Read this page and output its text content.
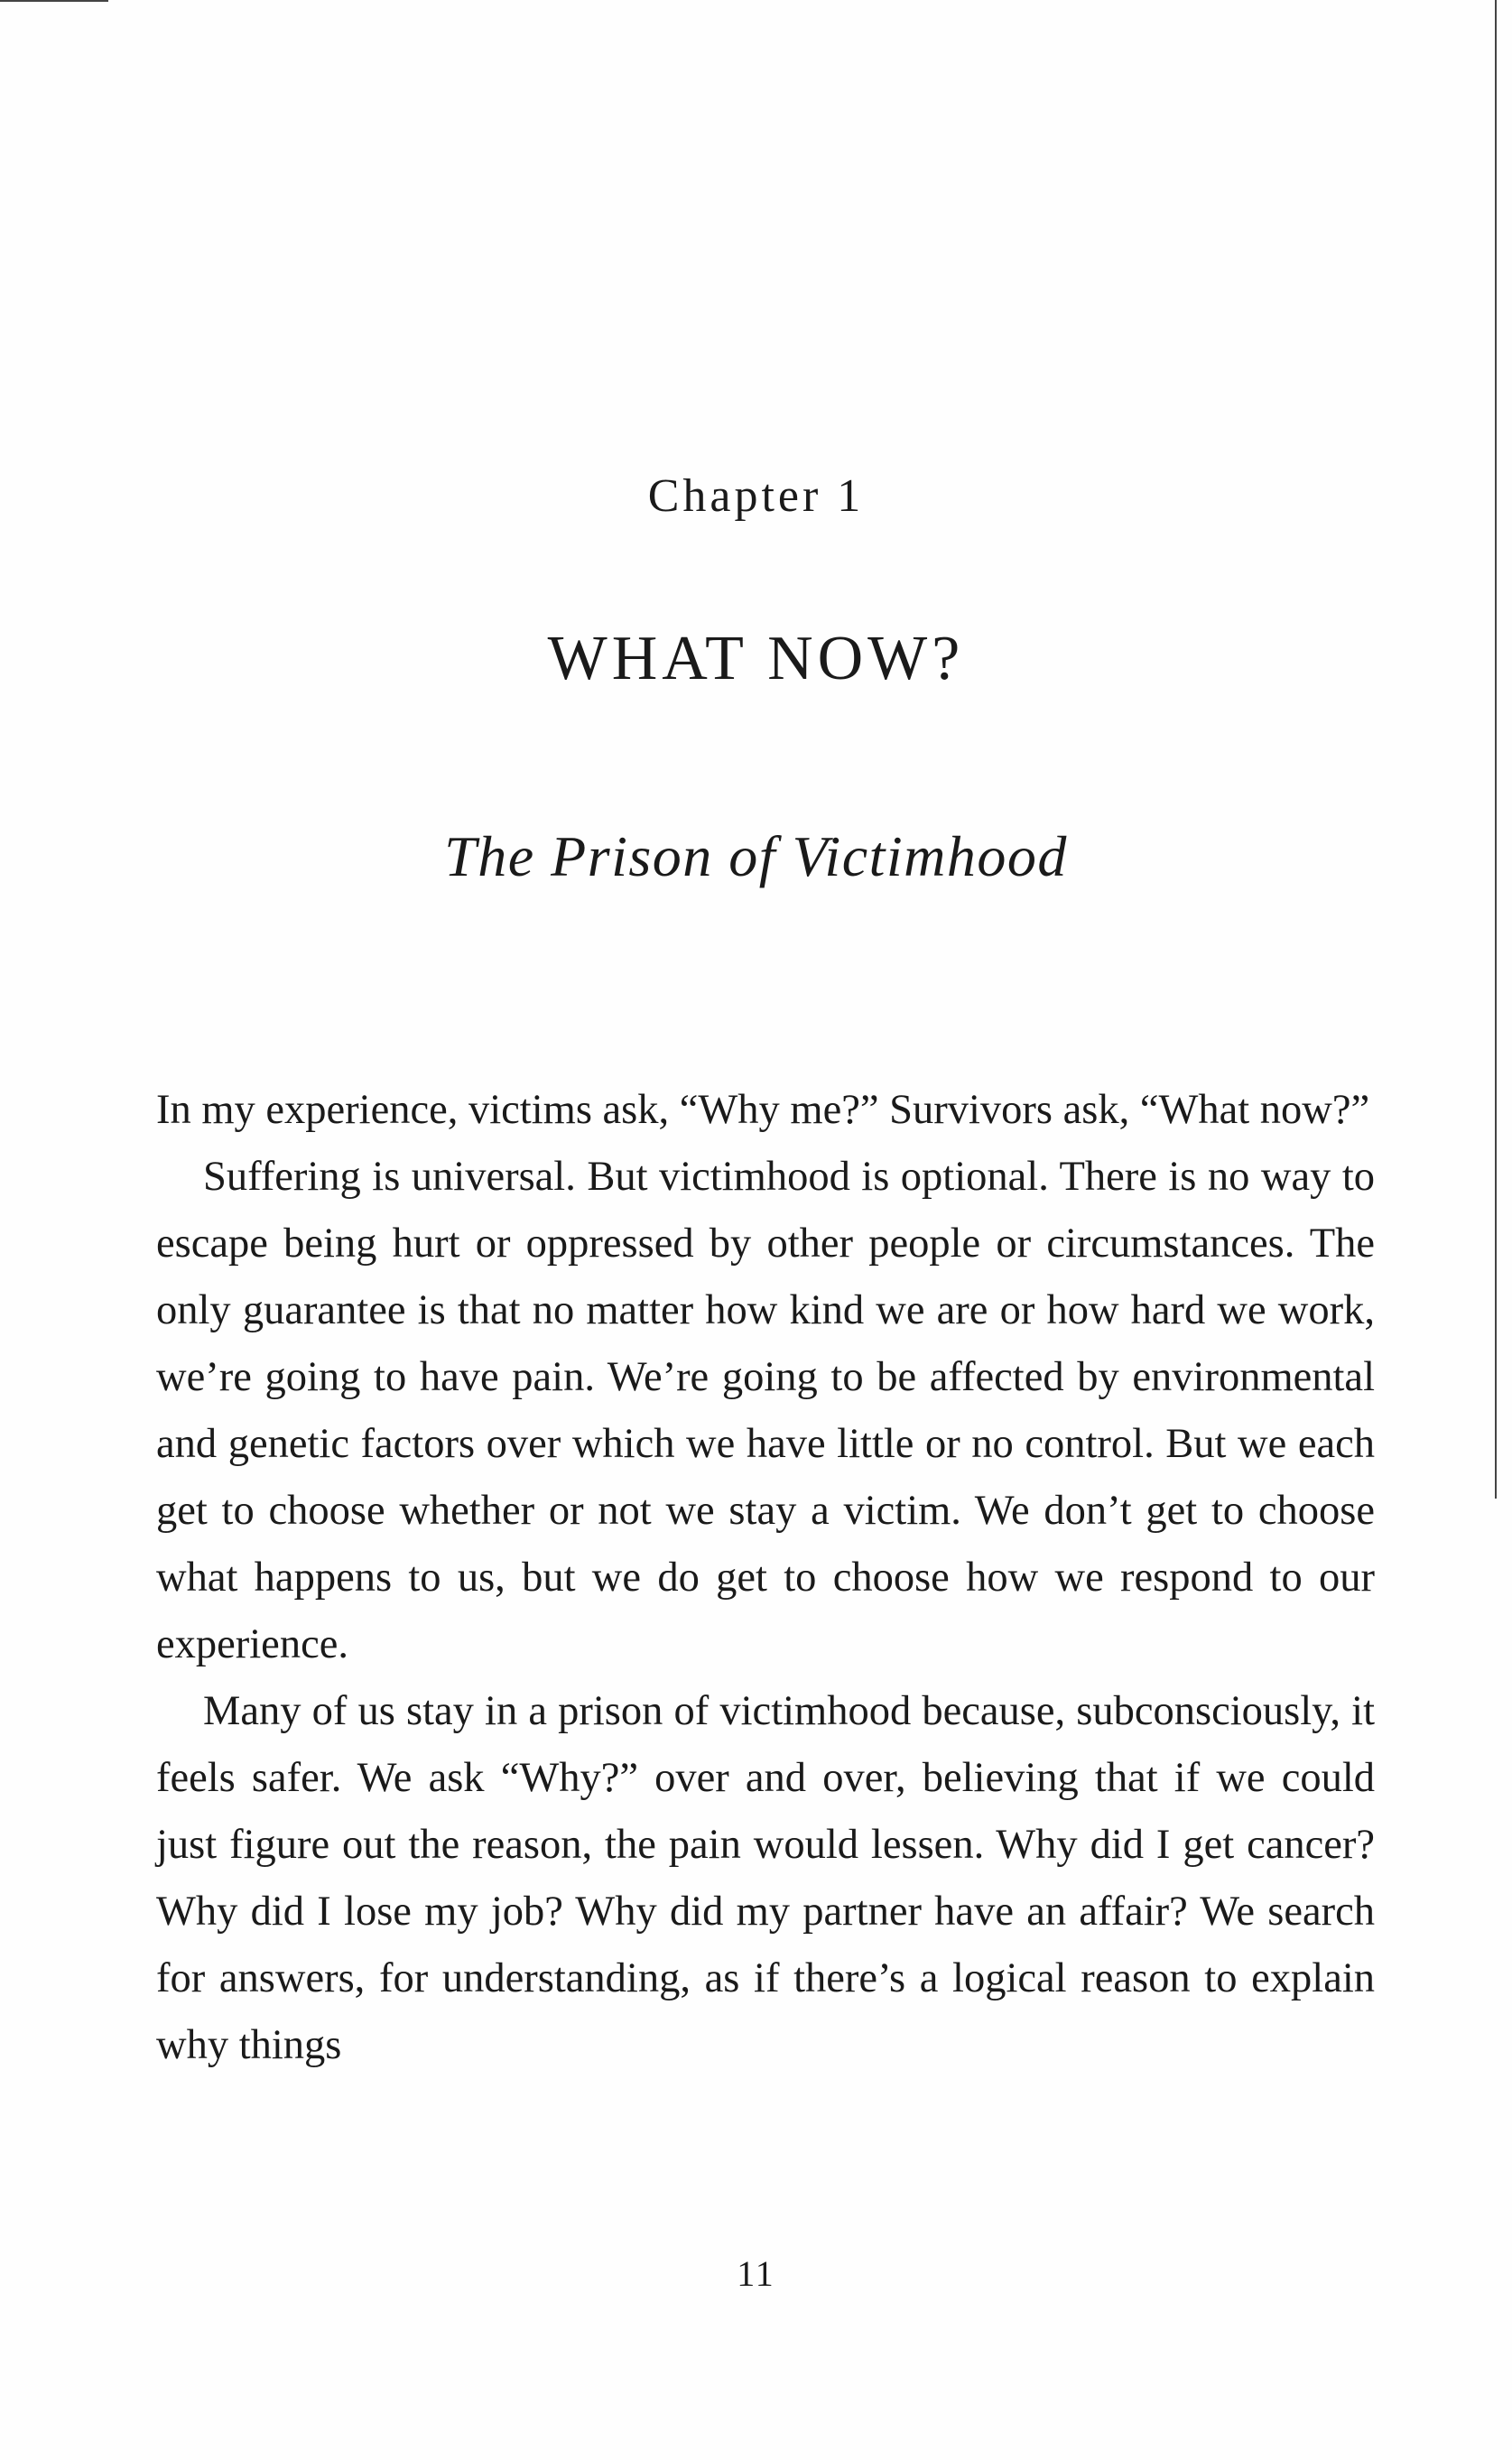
Chapter 1
WHAT NOW?
The Prison of Victimhood

In my experience, victims ask, “Why me?” Survivors ask, “What now?”

Suffering is universal. But victimhood is optional. There is no way to escape being hurt or oppressed by other people or circumstances. The only guarantee is that no matter how kind we are or how hard we work, we’re going to have pain. We’re going to be affected by environmental and genetic factors over which we have little or no control. But we each get to choose whether or not we stay a victim. We don’t get to choose what happens to us, but we do get to choose how we respond to our experience.

Many of us stay in a prison of victimhood because, subconsciously, it feels safer. We ask “Why?” over and over, believing that if we could just figure out the reason, the pain would lessen. Why did I get cancer? Why did I lose my job? Why did my partner have an affair? We search for answers, for understanding, as if there’s a logical reason to explain why things

11
